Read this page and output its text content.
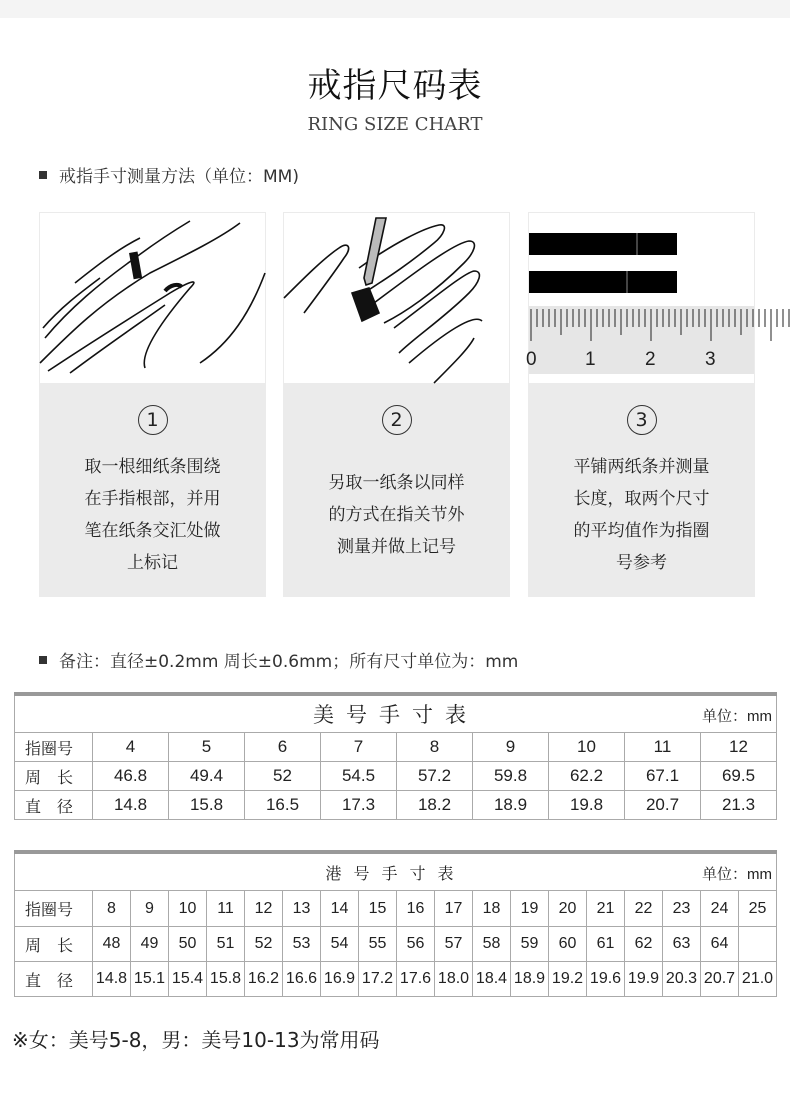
戒指尺码表
RING SIZE CHART
戒指手寸测量方法（单位：MM)
1
取一根细纸条围绕
在手指根部，并用
笔在纸条交汇处做
上标记
2
另取一纸条以同样
的方式在指关节外
测量并做上记号
0	1	2	3
3
平铺两纸条并测量
长度，取两个尺寸
的平均值作为指圈
号参考
备注：直径±0.2mm 周长±0.6mm；所有尺寸单位为：mm
美号手寸表 单位：mm									

指圈号	4	5	6	7	8	9	10	11	12
周　长	46.8	49.4	52	54.5	57.2	59.8	62.2	67.1	69.5
直　径	14.8	15.8	16.5	17.3	18.2	18.9	19.8	20.7	21.3
港号手寸表 单位：mm																		

指圈号	8	9	10	11	12	13	14	15	16	17	18	19	20	21	22	23	24	25
周　长	48	49	50	51	52	53	54	55	56	57	58	59	60	61	62	63	64	
直　径	14.8	15.1	15.4	15.8	16.2	16.6	16.9	17.2	17.6	18.0	18.4	18.9	19.2	19.6	19.9	20.3	20.7	21.0
※女：美号5-8，男：美号10-13为常用码
